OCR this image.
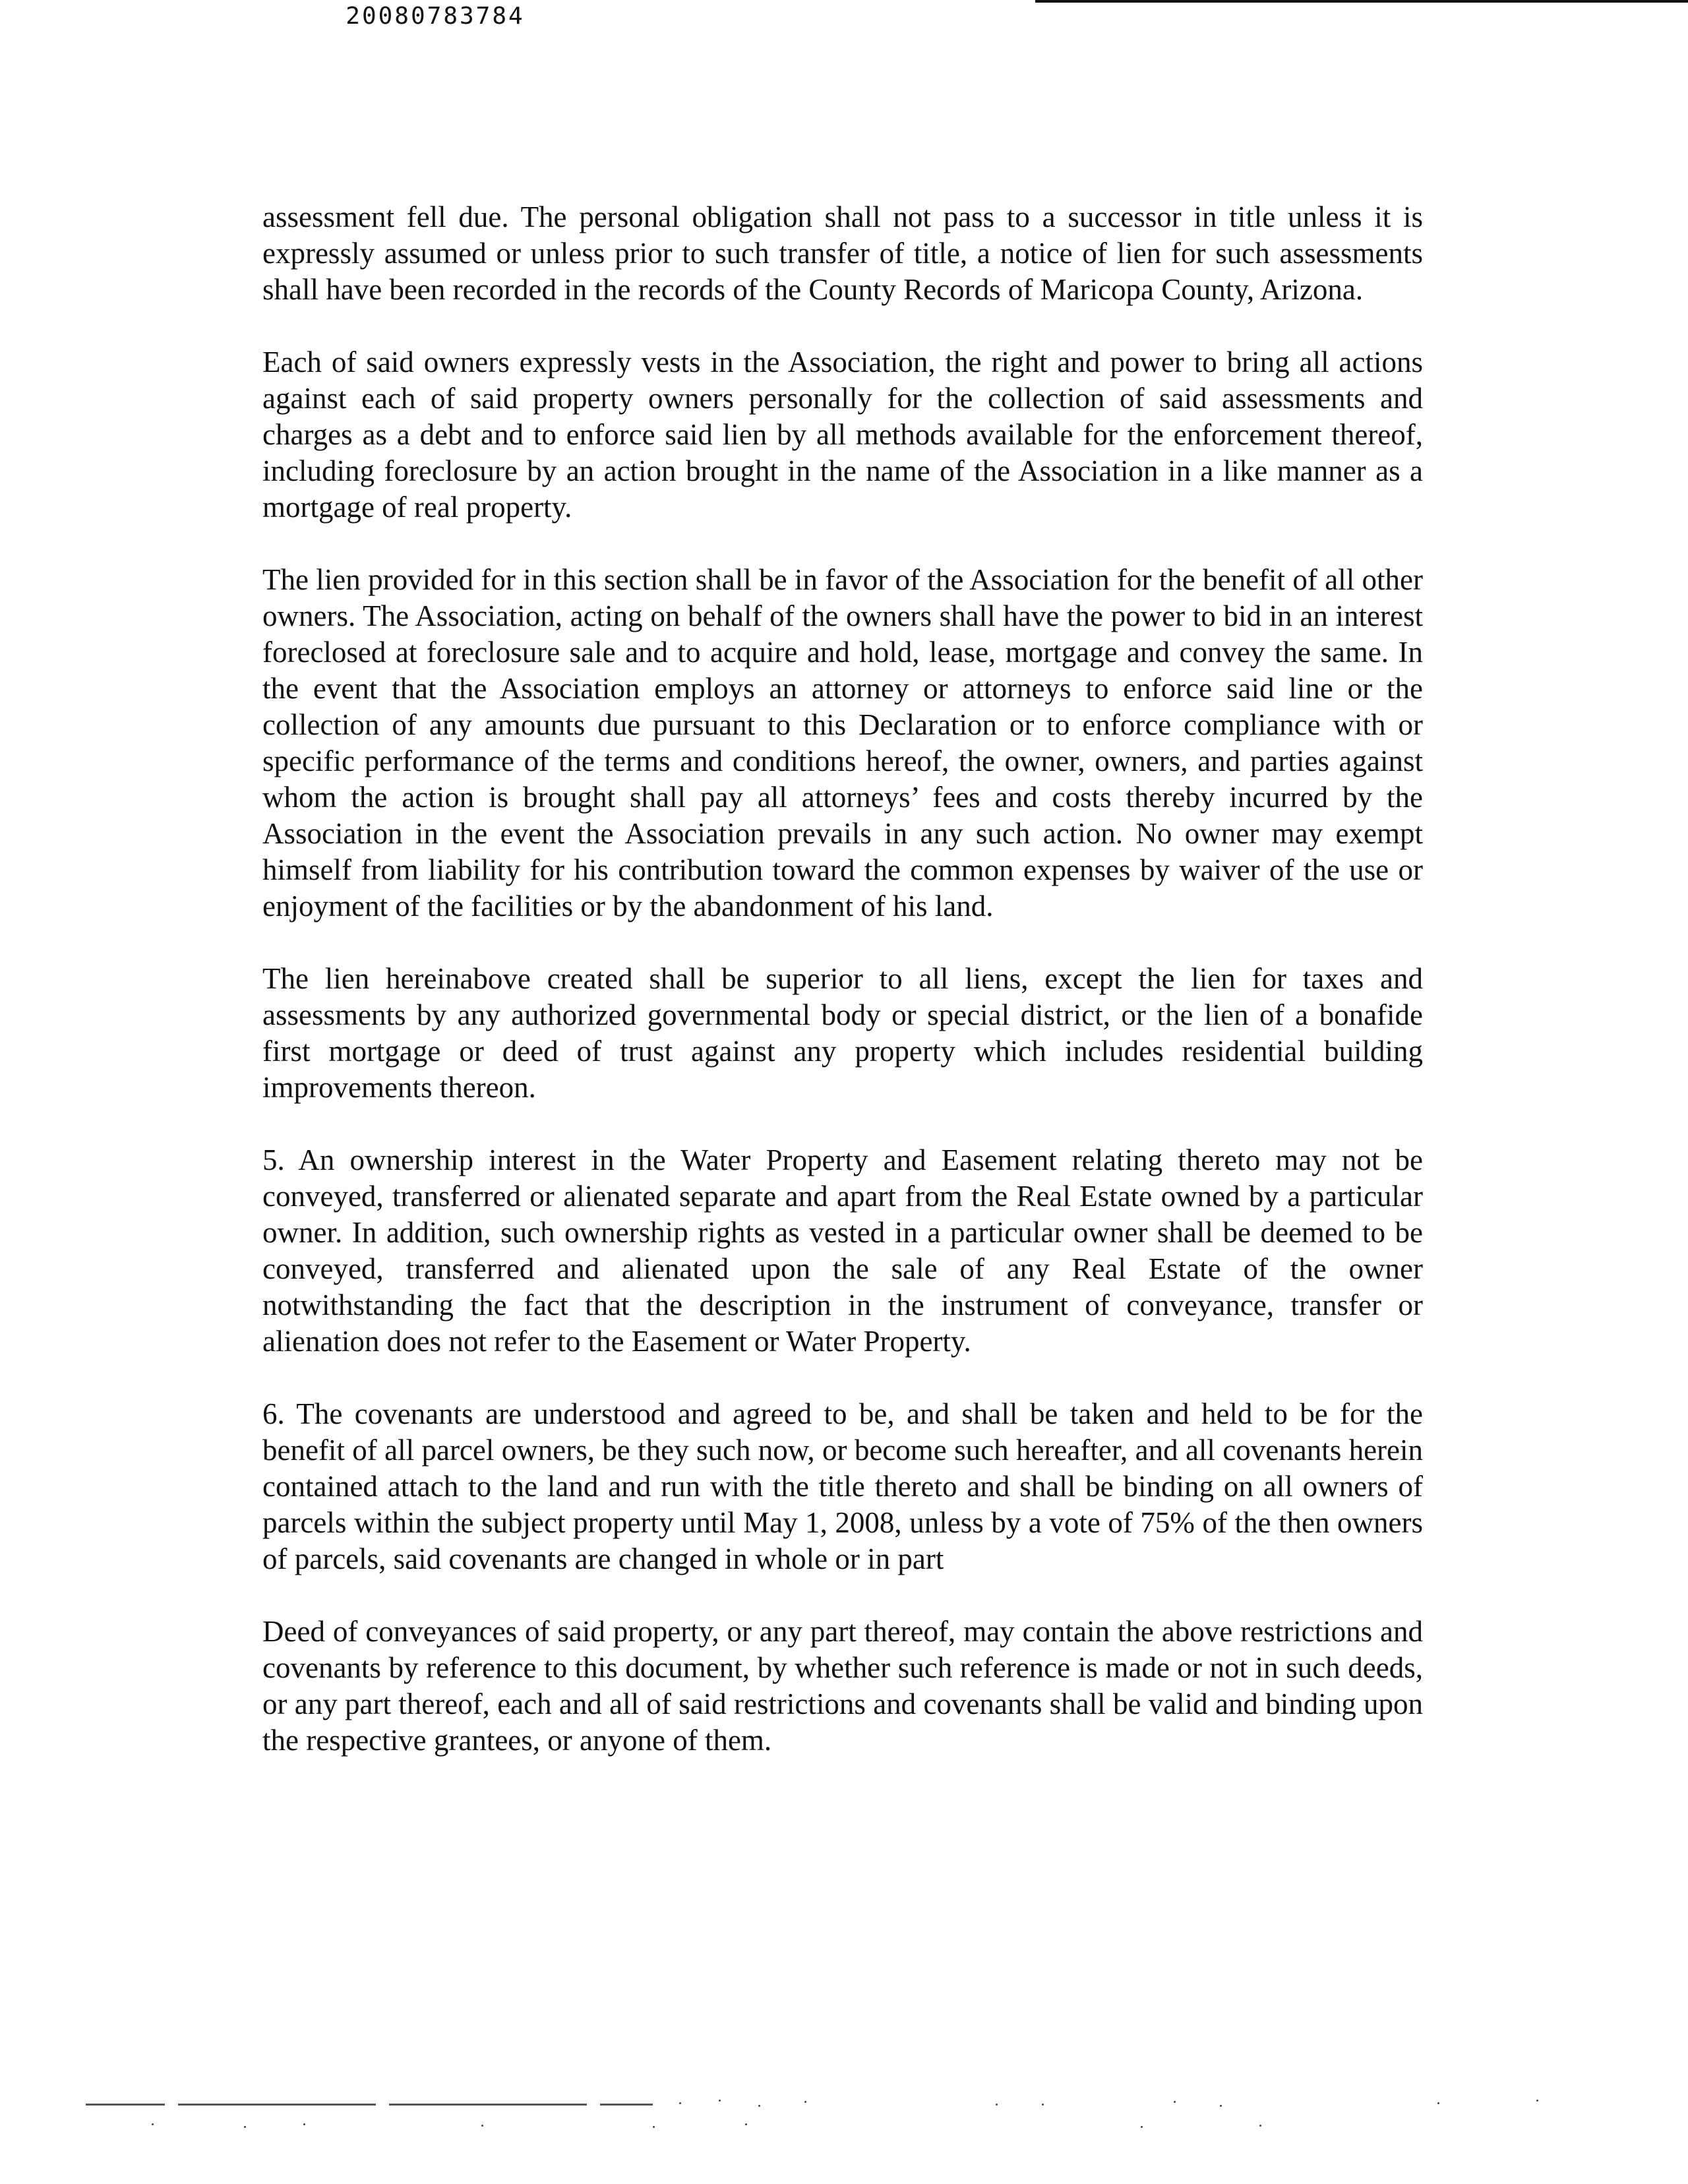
20080783784

assessment fell due. The personal obligation shall not pass to a successor in title unless it is expressly assumed or unless prior to such transfer of title, a notice of lien for such assessments shall have been recorded in the records of the County Records of Maricopa County, Arizona.

Each of said owners expressly vests in the Association, the right and power to bring all actions against each of said property owners personally for the collection of said assessments and charges as a debt and to enforce said lien by all methods available for the enforcement thereof, including foreclosure by an action brought in the name of the Association in a like manner as a mortgage of real property.

The lien provided for in this section shall be in favor of the Association for the benefit of all other owners. The Association, acting on behalf of the owners shall have the power to bid in an interest foreclosed at foreclosure sale and to acquire and hold, lease, mortgage and convey the same. In the event that the Association employs an attorney or attorneys to enforce said line or the collection of any amounts due pursuant to this Declaration or to enforce compliance with or specific performance of the terms and conditions hereof, the owner, owners, and parties against whom the action is brought shall pay all attorneys’ fees and costs thereby incurred by the Association in the event the Association prevails in any such action. No owner may exempt himself from liability for his contribution toward the common expenses by waiver of the use or enjoyment of the facilities or by the abandonment of his land.

The lien hereinabove created shall be superior to all liens, except the lien for taxes and assessments by any authorized governmental body or special district, or the lien of a bonafide first mortgage or deed of trust against any property which includes residential building improvements thereon.

5. An ownership interest in the Water Property and Easement relating thereto may not be conveyed, transferred or alienated separate and apart from the Real Estate owned by a particular owner. In addition, such ownership rights as vested in a particular owner shall be deemed to be conveyed, transferred and alienated upon the sale of any Real Estate of the owner notwithstanding the fact that the description in the instrument of conveyance, transfer or alienation does not refer to the Easement or Water Property.

6. The covenants are understood and agreed to be, and shall be taken and held to be for the benefit of all parcel owners, be they such now, or become such hereafter, and all covenants herein contained attach to the land and run with the title thereto and shall be binding on all owners of parcels within the subject property until May 1, 2008, unless by a vote of 75% of the then owners of parcels, said covenants are changed in whole or in part

Deed of conveyances of said property, or any part thereof, may contain the above restrictions and covenants by reference to this document, by whether such reference is made or not in such deeds, or any part thereof, each and all of said restrictions and covenants shall be valid and binding upon the respective grantees, or anyone of them.
